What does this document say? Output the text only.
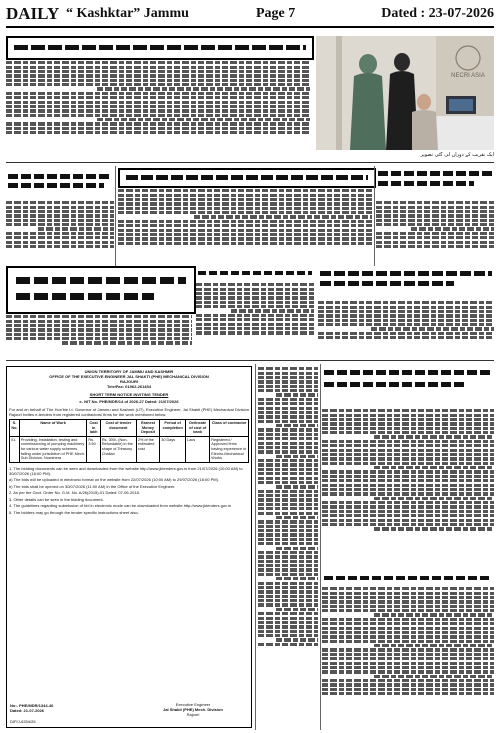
DAILY “ Kashktar” Jammu	Page 7	Dated : 23-07-2026
NECRI ASIA
ایک تقریب کے دوران لی گئی تصویر
UNION TERRITORY OF JAMMU AND KASHMIR
OFFICE OF THE EXECUTIVE ENGINEER JAL SHAKTI (PHE) MECHANICAL DIVISION
RAJOURI
Tele/Fax: 01962-261454
SHORT TERM NOTICE INVITING TENDER
e- NIT No. PHE/MDR/14 of 2026-27 Dated: 21/07/2026
For and on behalf of The Hon'ble Lt. Governor of Jammu and Kashmir (UT), Executive Engineer, Jal Shakti (PHE) Mechanical Division Rajouri invites e-tenders from registered contractors/ firms for the work mentioned below.
S. No.	Name of Work	Cost in lakh	Cost of tender document	Earnest Money Deposit	Period of completion	Delineate of cost of bank	Class of contractor
01.	Providing, installation, testing and commissioning of pumping machinery for various water supply schemes falling under jurisdiction of PHE Mech. Sub Division, Nowshera	Rs. 3.50	Rs. 300/- (Non-Refundable) in the shape of Treasury Challan	2% of the estimated cost	30 Days	Lacs	Registered / Approved firms having experience in Electro-Mechanical Works
1. The bidding documents can be seen and downloaded from the website http://www.jktenders.gov.in from 21/07/2026 (10:00 AM) to 30/07/2026 (16:00 PM).
a) The bids will be uploaded in electronic format on the website from 22/07/2026 (10:00 AM) to 29/07/2026 (16:00 PM).
b) The bids shall be opened on 30/07/2026 (11:00 AM) in the Office of the Executive Engineer.
2. As per the Govt. Order No. G.M. No. A/26(2015)-01 Dated: 07-06-2018.
3. Other details can be seen in the bidding document.
4. The guidelines regarding submission of bid in electronic mode can be downloaded from website http://www.jktenders.gov.in
5. The bidders may go through the tender specific instructions sheet also.
No:- PHE/MDR/1344-46
Dated: 21-07-2026
Executive Engineer
Jal Shakti (PHE) Mech. Division
Rajouri
DIP/J-6334/26
